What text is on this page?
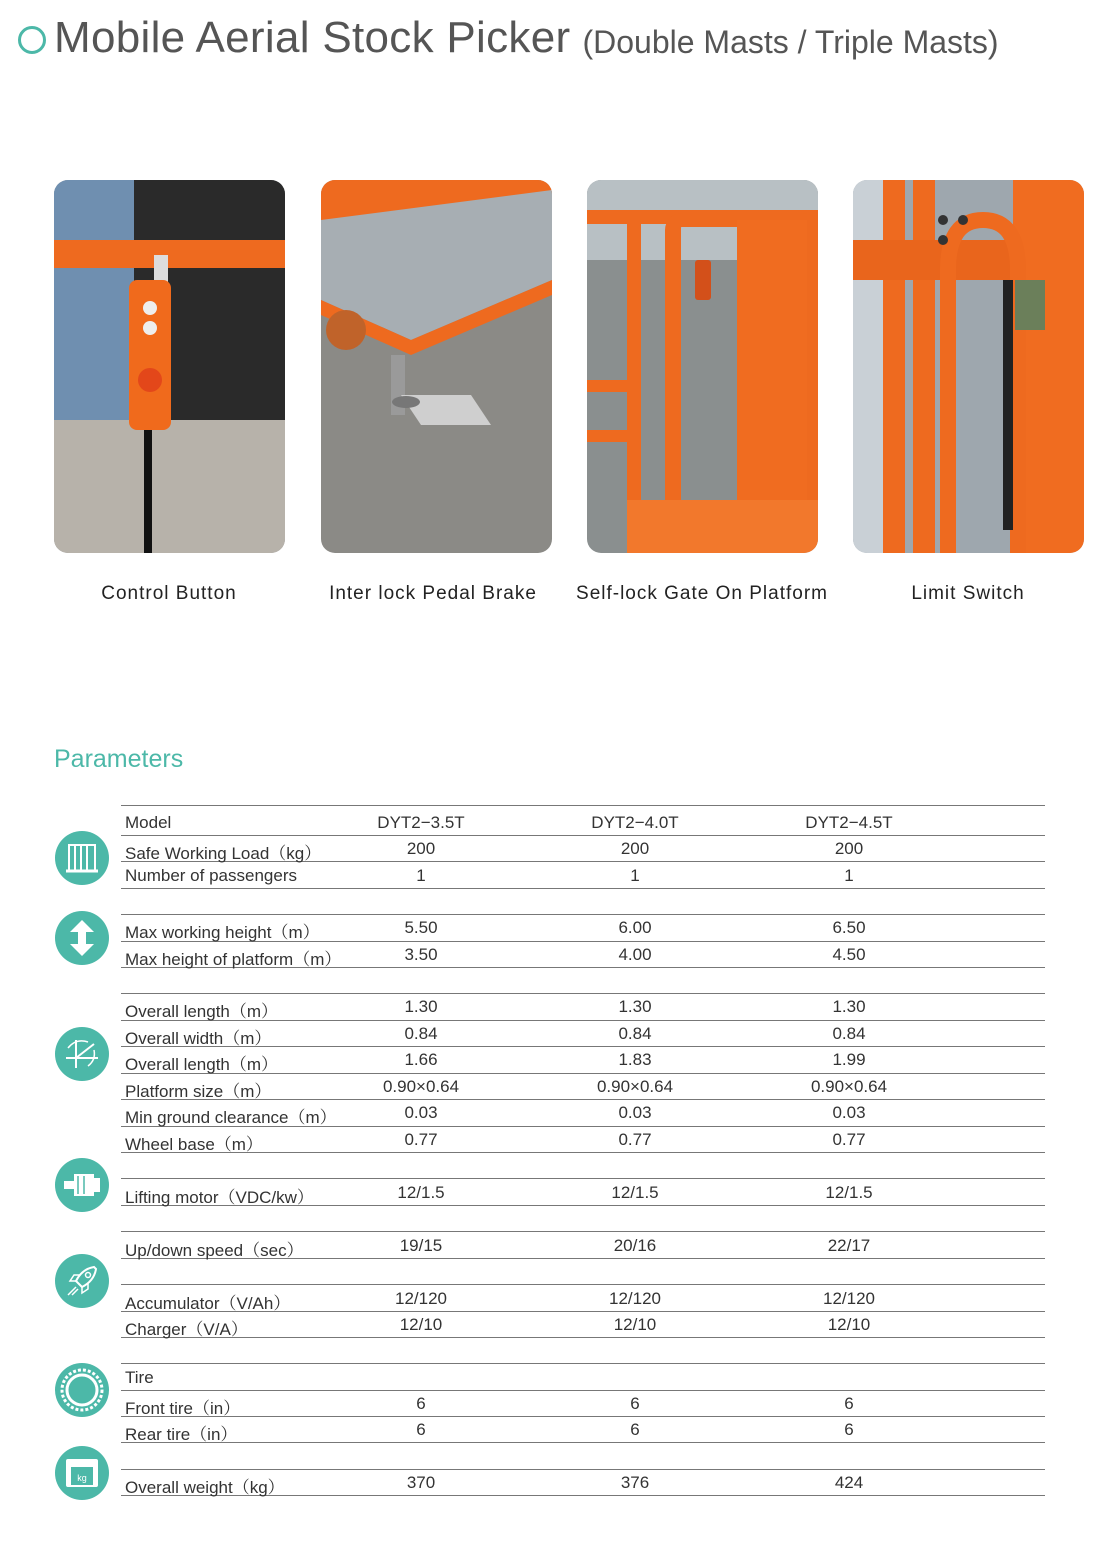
Mobile Aerial Stock Picker (Double Masts / Triple Masts)
Control Button	Inter lock Pedal Brake	Self-lock Gate On Platform	Limit Switch
Parameters
Model	DYT2−3.5T	DYT2−4.0T	DYT2−4.5T
Safe Working Load（kg）	200	200	200
Number of passengers	1	1	1
Max working height（m）	5.50	6.00	6.50
Max height of platform（m）	3.50	4.00	4.50
Overall length（m）	1.30	1.30	1.30
Overall width（m）	0.84	0.84	0.84
Overall length（m）	1.66	1.83	1.99
Platform size（m）	0.90×0.64	0.90×0.64	0.90×0.64
Min ground clearance（m）	0.03	0.03	0.03
Wheel base（m）	0.77	0.77	0.77
Lifting motor（VDC/kw）	12/1.5	12/1.5	12/1.5
Up/down speed（sec）	19/15	20/16	22/17
Accumulator（V/Ah）	12/120	12/120	12/120
Charger（V/A）	12/10	12/10	12/10
Tire
Front tire（in）	6	6	6
Rear tire（in）	6	6	6
Overall weight（kg）	370	376	424
kg
